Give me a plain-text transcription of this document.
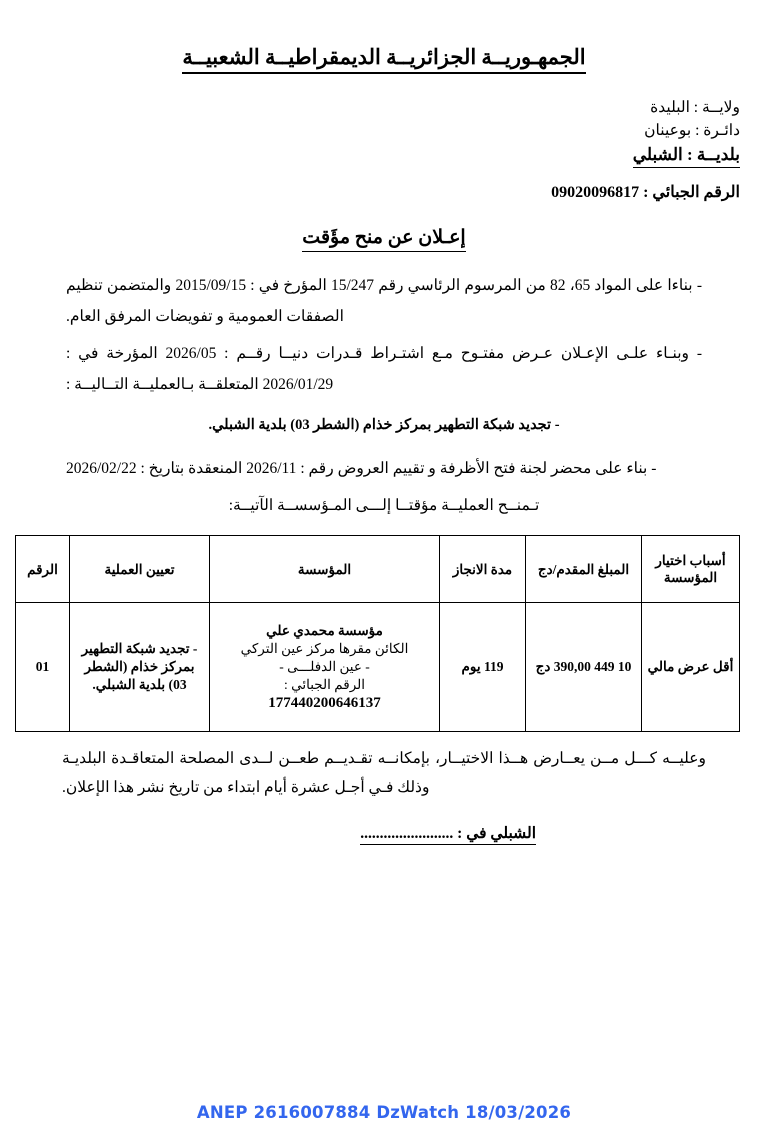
الجمهـوريــة الجزائريــة الديمقراطيــة الشعبيــة
ولايــة : البليدة
دائـرة : بوعينان
بلديــة : الشبلي
الرقم الجبائي : 09020096817
إعـلان عن منح مؤَقت

- بناءا على المواد 65، 82 من المرسوم الرئاسي رقم 15/247 المؤرخ في : 2015/09/15 والمتضمن تنظيم الصفقات العمومية و تفويضات المرفق العام.

- وبنـاء علـى الإعـلان عـرض مفتـوح مـع اشتـراط قـدرات دنيــا رقــم : 2026/05 المؤرخة في : 2026/01/29 المتعلقــة بـالعمليــة التــاليــة :

- تجديد شبكة التطهير بمركز خذام (الشطر 03) بلدية الشبلي.

- بناء على محضر لجنة فتح الأظرفة و تقييم العروض رقم : 2026/11 المنعقدة بتاريخ : 2026/02/22

تـمنــح العمليــة مؤقتــا إلـــى المـؤسســة الآتيــة:

أسباب اختيار المؤسسة	المبلغ المقدم/دج	مدة الانجاز	المؤسسة	تعيين العملية	الرقم
أقل عرض مالي	10 449 390,00 دج	119 يوم	مؤسسة محمدي علي
الكائن مقرها مركز عين التركي
- عين الدفلـــى -
الرقم الجبائي :
177440200646137	- تجديد شبكة التطهير بمركز خذام (الشطر 03) بلدية الشبلي.	01

وعليــه كـــل مــن يعــارض هــذا الاختيــار، بإمكانــه تقـديــم طعــن لــدى المصلحة المتعاقـدة البلديـة وذلك فـي أجـل عشرة أيام ابتداء من تاريخ نشر هذا الإعلان.

الشبلي في : ........................
ANEP 2616007884 DzWatch 18/03/2026
